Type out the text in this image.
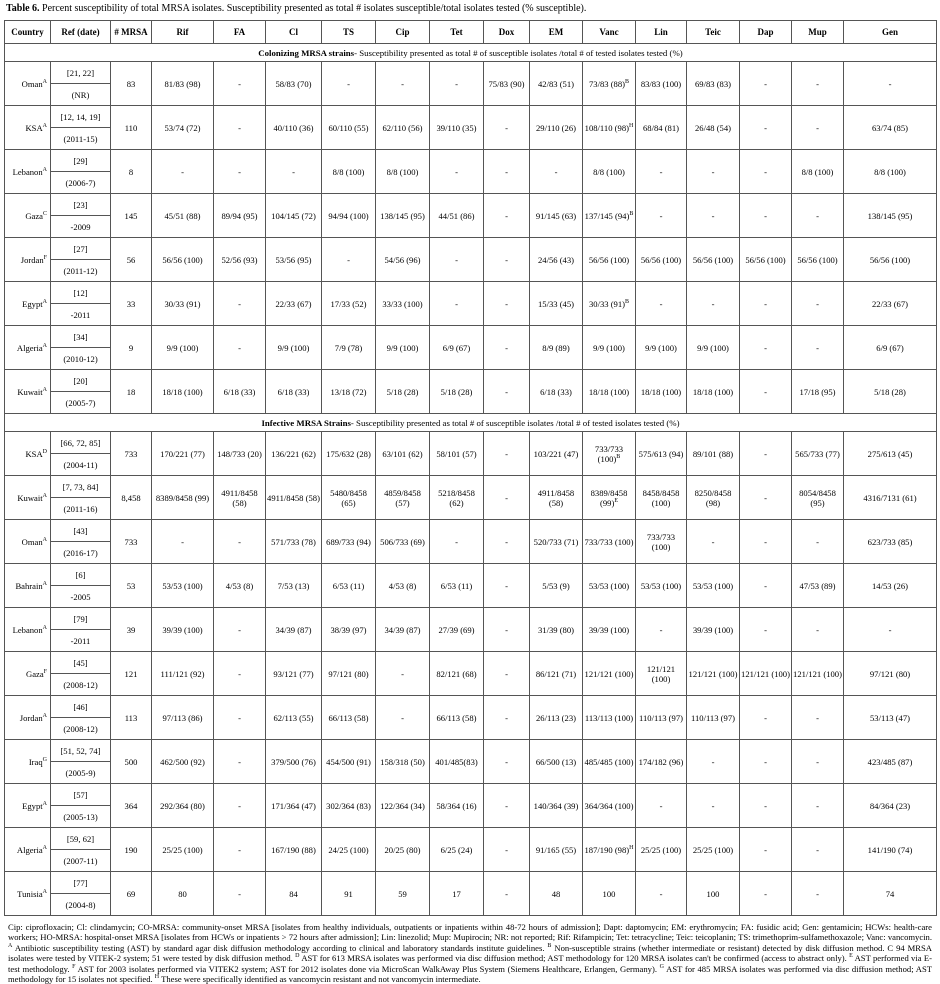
Table 6. Percent susceptibility of total MRSA isolates. Susceptibility presented as total # isolates susceptible/total isolates tested (% susceptible).
Country	Ref (date)	# MRSA	Rif	FA	Cl	TS	Cip	Tet	Dox	EM	Vanc	Lin	Teic	Dap	Mup	Gen
Colonizing MRSA strains- Susceptibility presented as total # of susceptible isolates /total # of tested isolates tested (%)																
Oman$^A$	[21, 22]	83	81/83 (98)	-	58/83 (70)	-	-	-	75/83 (90)	42/83 (51)	73/83 $(88)^B$	83/83 (100)	69/83 (83)	-	-	-
	(NR)															
$KSA^A$	[12, 14, 19]	110	53/74 (72)	-	40/110 (36)	60/110 (55)	62/110 (56)	39/110 (35)	-	29/110 (26)	108/110 $(98)^H$	68/84 (81)	26/48 (54)	-	-	63/74 (85)
	(2011-15)															
Lebanon$^A$	[29]	8	-	-	-	8/8 (100)	8/8 (100)	-	-	-	8/8 (100)	-	-	-	8/8 (100)	8/8 (100)
	(2006-7)															
Gaza$^C$	[23]	145	45/51 (88)	89/94 (95)	104/145 (72)	94/94 (100)	138/145 (95)	44/51 (86)	-	91/145 (63)	137/145 $(94)^B$	-	-	-	-	138/145 (95)
	-2009															
Jordan$^F$	[27]	56	56/56 (100)	52/56 (93)	53/56 (95)	-	54/56 (96)	-	-	24/56 (43)	56/56 (100)	56/56 (100)	56/56 (100)	56/56 (100)	56/56 (100)	56/56 (100)
	(2011-12)															
Egypt$^A$	[12]	33	30/33 (91)	-	22/33 (67)	17/33 (52)	33/33 (100)	-	-	15/33 (45)	30/33 $(91)^B$	-	-	-	-	22/33 (67)
	-2011															
Algeria$^A$	[34]	9	9/9 (100)	-	9/9 (100)	7/9 (78)	9/9 (100)	6/9 (67)	-	8/9 (89)	9/9 (100)	9/9 (100)	9/9 (100)	-	-	6/9 (67)
	(2010-12)															
Kuwait$^A$	[20]	18	18/18 (100)	6/18 (33)	6/18 (33)	13/18 (72)	5/18 (28)	5/18 (28)	-	6/18 (33)	18/18 (100)	18/18 (100)	18/18 (100)	-	17/18 (95)	5/18 (28)
	(2005-7)															
Infective MRSA Strains- Susceptibility presented as total # of susceptible isolates /total # of tested isolates tested (%)																
$KSA^D$	[66, 72, 85]	733	170/221 (77)	148/733 (20)	136/221 (62)	175/632 (28)	63/101 (62)	58/101 (57)	-	103/221 (47)	733/733 $(100)^B$	575/613 (94)	89/101 (88)	-	565/733 (77)	275/613 (45)
	(2004-11)															
Kuwait$^A$	[7, 73, 84]	8,458	8389/8458 (99)	4911/8458 (58)	4911/8458 (58)	5480/8458 (65)	4859/8458 (57)	5218/8458 (62)	-	4911/8458 (58)	8389/8458 $(99)^E$	8458/8458 (100)	8250/8458 (98)	-	8054/8458 (95)	4316/7131 (61)
	(2011-16)															
Oman$^A$	[43]	733	-	-	571/733 (78)	689/733 (94)	506/733 (69)	-	-	520/733 (71)	733/733 (100)	733/733 (100)	-	-	-	623/733 (85)
	(2016-17)															
Bahrain$^A$	[6]	53	53/53 (100)	4/53 (8)	7/53 (13)	6/53 (11)	4/53 (8)	6/53 (11)	-	5/53 (9)	53/53 (100)	53/53 (100)	53/53 (100)	-	47/53 (89)	14/53 (26)
	-2005															
Lebanon$^A$	[79]	39	39/39 (100)	-	34/39 (87)	38/39 (97)	34/39 (87)	27/39 (69)	-	31/39 (80)	39/39 (100)	-	39/39 (100)	-	-	-
	-2011															
Gaza$^F$	[45]	121	111/121 (92)	-	93/121 (77)	97/121 (80)	-	82/121 (68)	-	86/121 (71)	121/121 (100)	121/121 (100)	121/121 (100)	121/121 (100)	121/121 (100)	97/121 (80)
	(2008-12)															
Jordan$^A$	[46]	113	97/113 (86)	-	62/113 (55)	66/113 (58)	-	66/113 (58)	-	26/113 (23)	113/113 (100)	110/113 (97)	110/113 (97)	-	-	53/113 (47)
	(2008-12)															
Iraq$^G$	[51, 52, 74]	500	462/500 (92)	-	379/500 (76)	454/500 (91)	158/318 (50)	401/485(83)	-	66/500 (13)	485/485 (100)	174/182 (96)	-	-	-	423/485 (87)
	(2005-9)															
Egypt$^A$	[57]	364	292/364 (80)	-	171/364 (47)	302/364 (83)	122/364 (34)	58/364 (16)	-	140/364 (39)	364/364 (100)	-	-	-	-	84/364 (23)
	(2005-13)															
Algeria$^A$	[59, 62]	190	25/25 (100)	-	167/190 (88)	24/25 (100)	20/25 (80)	6/25 (24)	-	91/165 (55)	187/190 $(98)^H$	25/25 (100)	25/25 (100)	-	-	141/190 (74)
	(2007-11)															
Tunisia$^A$	[77]	69	80	-	84	91	59	17	-	48	100	-	100	-	-	74
	(2004-8)															
Cip: ciprofloxacin; Cl: clindamycin; CO-MRSA: community-onset MRSA [isolates from healthy individuals, outpatients or inpatients within 48-72 hours of admission]; Dapt: daptomycin; EM: erythromycin; FA: fusidic acid; Gen: gentamicin; HCWs: health-care workers; HO-MRSA: hospital-onset MRSA [isolates from HCWs or inpatients > 72 hours after admission]; Lin: linezolid; Mup: Mupirocin; NR: not reported; Rif: Rifampicin; Tet: tetracycline; Teic: teicoplanin; TS: trimethoprim-sulfamethoxazole; Vanc: vancomycin. $^A$ Antibiotic susceptibility testing (AST) by standard agar disk diffusion methodology according to clinical and laboratory standards institute guidelines. $^B$ Non-susceptible strains (whether intermediate or resistant) detected by disk diffusion method. C 94 MRSA isolates were tested by VITEK-2 system; 51 were tested by disk diffusion method. $^D$ AST for 613 MRSA isolates was performed via disc diffusion method; AST methodology for 120 MRSA isolates can't be confirmed (access to abstract only). $^E$ AST performed via E-test methodology. $^F$ AST for 2003 isolates performed via VITEK2 system; AST for 2012 isolates done via MicroScan WalkAway Plus System (Siemens Healthcare, Erlangen, Germany). $^G$ AST for 485 MRSA isolates was performed via disc diffusion method; AST methodology for 15 isolates not specified. $^H$ These were specifically identified as vancomycin resistant and not vancomycin intermediate.
